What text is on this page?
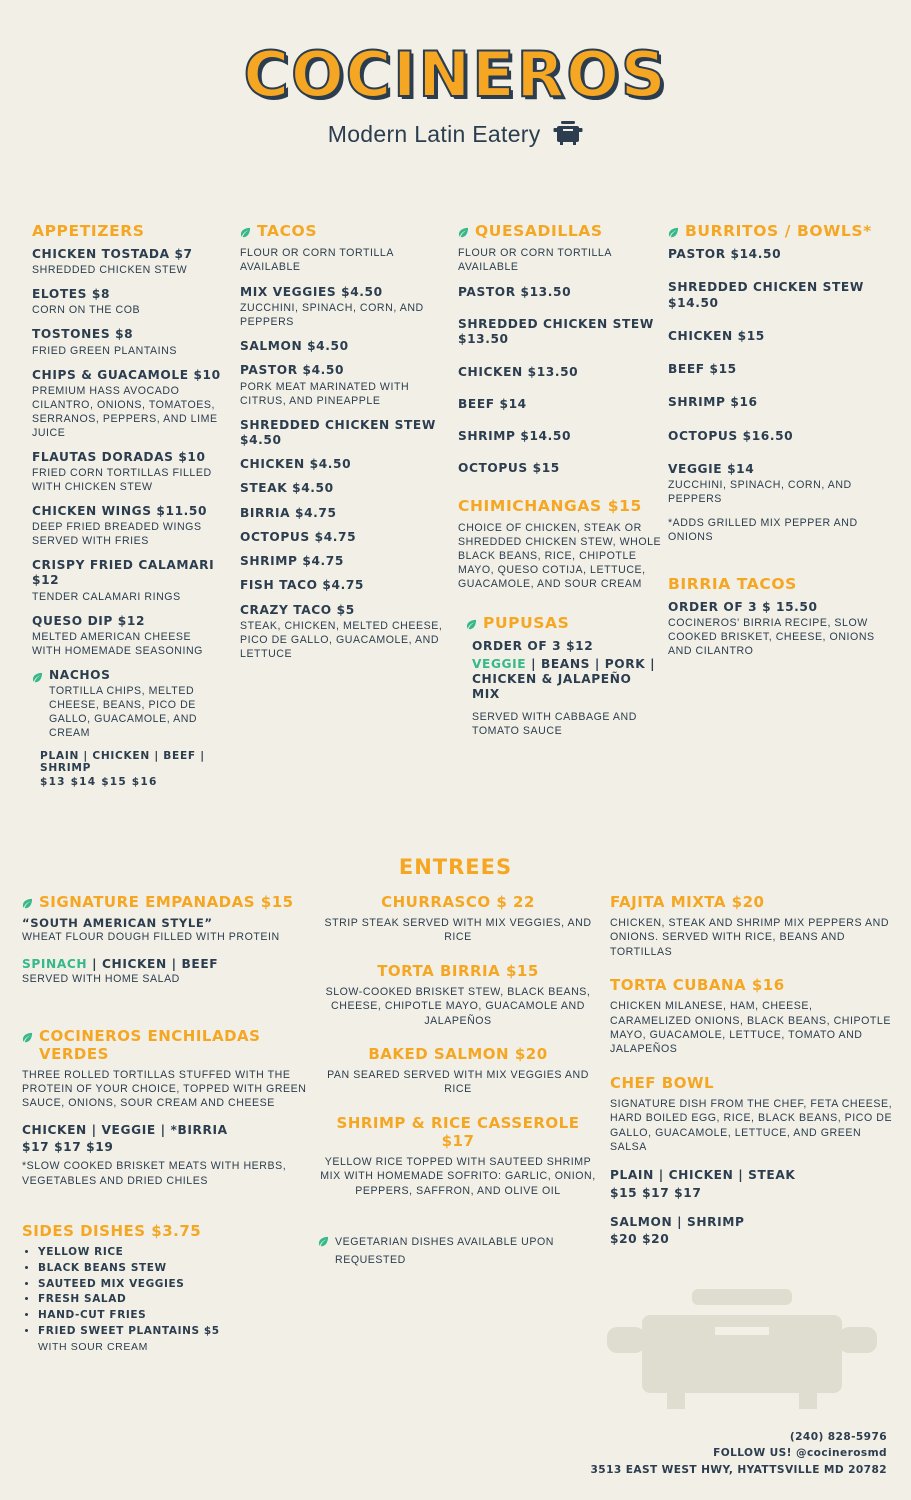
COCINEROS
Modern Latin Eatery
APPETIZERS
CHICKEN TOSTADA $7
SHREDDED CHICKEN STEW
ELOTES $8
CORN ON THE COB
TOSTONES $8
FRIED GREEN PLANTAINS
CHIPS & GUACAMOLE $10
PREMIUM HASS AVOCADO CILANTRO, ONIONS, TOMATOES, SERRANOS, PEPPERS, AND LIME JUICE
FLAUTAS DORADAS $10
FRIED CORN TORTILLAS FILLED WITH CHICKEN STEW
CHICKEN WINGS $11.50
DEEP FRIED BREADED WINGS SERVED WITH FRIES
CRISPY FRIED CALAMARI $12
TENDER CALAMARI RINGS
QUESO DIP $12
MELTED AMERICAN CHEESE WITH HOMEMADE SEASONING
NACHOS
TORTILLA CHIPS, MELTED CHEESE, BEANS, PICO DE GALLO, GUACAMOLE, AND CREAM
PLAIN | CHICKEN | BEEF | SHRIMP
$13 $14 $15 $16
TACOS
FLOUR OR CORN TORTILLA AVAILABLE
MIX VEGGIES $4.50
ZUCCHINI, SPINACH, CORN, AND PEPPERS
SALMON $4.50
PASTOR $4.50
PORK MEAT MARINATED WITH CITRUS, AND PINEAPPLE
SHREDDED CHICKEN STEW $4.50
CHICKEN $4.50
STEAK $4.50
BIRRIA $4.75
OCTOPUS $4.75
SHRIMP $4.75
FISH TACO $4.75
CRAZY TACO $5
STEAK, CHICKEN, MELTED CHEESE, PICO DE GALLO, GUACAMOLE, AND LETTUCE
QUESADILLAS
FLOUR OR CORN TORTILLA AVAILABLE
PASTOR $13.50
SHREDDED CHICKEN STEW $13.50
CHICKEN $13.50
BEEF $14
SHRIMP $14.50
OCTOPUS $15
CHIMICHANGAS $15
CHOICE OF CHICKEN, STEAK OR SHREDDED CHICKEN STEW, WHOLE BLACK BEANS, RICE, CHIPOTLE MAYO, QUESO COTIJA, LETTUCE, GUACAMOLE, AND SOUR CREAM
PUPUSAS
ORDER OF 3 $12
VEGGIE | BEANS | PORK | CHICKEN & JALAPEÑO MIX
SERVED WITH CABBAGE AND TOMATO SAUCE
BURRITOS / BOWLS*
PASTOR $14.50
SHREDDED CHICKEN STEW $14.50
CHICKEN $15
BEEF $15
SHRIMP $16
OCTOPUS $16.50
VEGGIE $14
ZUCCHINI, SPINACH, CORN, AND PEPPERS
*ADDS GRILLED MIX PEPPER AND ONIONS
BIRRIA TACOS
ORDER OF 3 $ 15.50
COCINEROS' BIRRIA RECIPE, SLOW COOKED BRISKET, CHEESE, ONIONS AND CILANTRO
ENTREES
SIGNATURE EMPANADAS $15
“SOUTH AMERICAN STYLE”
WHEAT FLOUR DOUGH FILLED WITH PROTEIN
SPINACH | CHICKEN | BEEF
SERVED WITH HOME SALAD
COCINEROS ENCHILADAS VERDES
THREE ROLLED TORTILLAS STUFFED WITH THE PROTEIN OF YOUR CHOICE, TOPPED WITH GREEN SAUCE, ONIONS, SOUR CREAM AND CHEESE
CHICKEN | VEGGIE | *BIRRIA
$17 $17 $19
*SLOW COOKED BRISKET MEATS WITH HERBS, VEGETABLES AND DRIED CHILES
SIDES DISHES $3.75
• YELLOW RICE
• BLACK BEANS STEW
• SAUTEED MIX VEGGIES
• FRESH SALAD
• HAND-CUT FRIES
• FRIED SWEET PLANTAINS $5
WITH SOUR CREAM
CHURRASCO $ 22
STRIP STEAK SERVED WITH MIX VEGGIES, AND RICE
TORTA BIRRIA $15
SLOW-COOKED BRISKET STEW, BLACK BEANS, CHEESE, CHIPOTLE MAYO, GUACAMOLE AND JALAPEÑOS
BAKED SALMON $20
PAN SEARED SERVED WITH MIX VEGGIES AND RICE
SHRIMP & RICE CASSEROLE $17
YELLOW RICE TOPPED WITH SAUTEED SHRIMP MIX WITH HOMEMADE SOFRITO: GARLIC, ONION, PEPPERS, SAFFRON, AND OLIVE OIL
VEGETARIAN DISHES AVAILABLE UPON REQUESTED
FAJITA MIXTA $20
CHICKEN, STEAK AND SHRIMP MIX PEPPERS AND ONIONS. SERVED WITH RICE, BEANS AND TORTILLAS
TORTA CUBANA $16
CHICKEN MILANESE, HAM, CHEESE, CARAMELIZED ONIONS, BLACK BEANS, CHIPOTLE MAYO, GUACAMOLE, LETTUCE, TOMATO AND JALAPEÑOS
CHEF BOWL
SIGNATURE DISH FROM THE CHEF, FETA CHEESE, HARD BOILED EGG, RICE, BLACK BEANS, PICO DE GALLO, GUACAMOLE, LETTUCE, AND GREEN SALSA
PLAIN | CHICKEN | STEAK
$15 $17 $17
SALMON | SHRIMP
$20 $20
(240) 828-5976
FOLLOW US! @cocinerosmd
3513 EAST WEST HWY, HYATTSVILLE MD 20782
